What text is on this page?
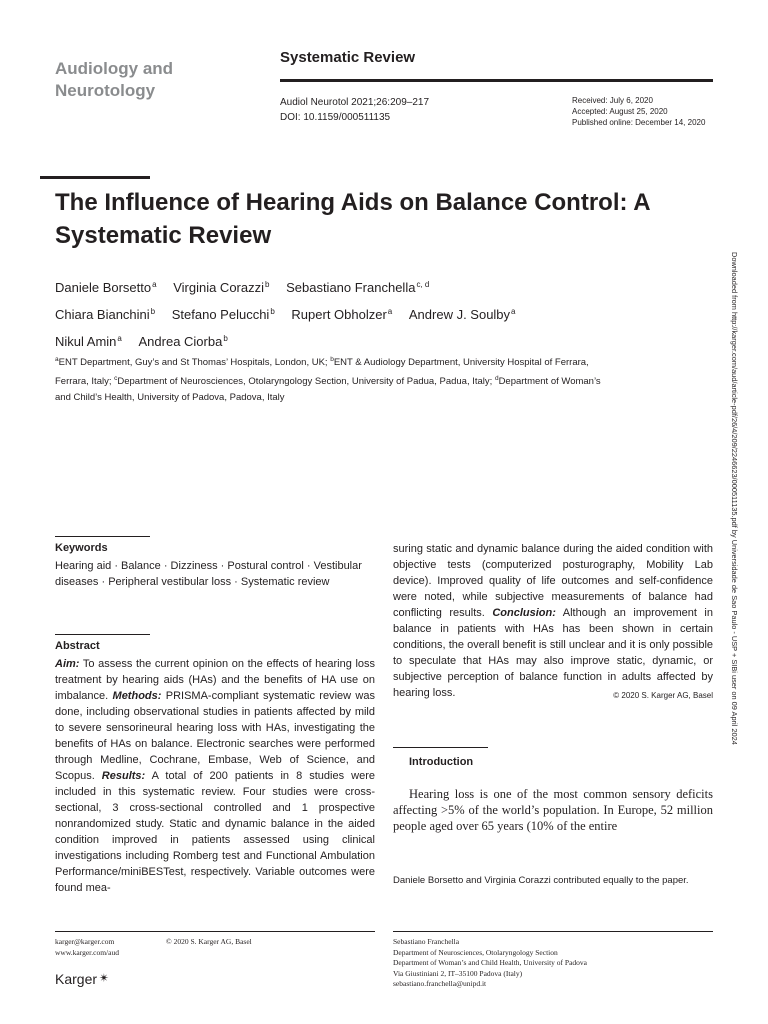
Audiology and
Neurotology
Systematic Review
Audiol Neurotol 2021;26:209–217
DOI: 10.1159/000511135
Received: July 6, 2020
Accepted: August 25, 2020
Published online: December 14, 2020
The Influence of Hearing Aids on Balance Control: A Systematic Review
Daniele Borsetto$^a$ Virginia Corazzi$^b$ Sebastiano Franchella$^{c, d}$
Chiara Bianchini$^b$ Stefano Pelucchi$^b$ Rupert Obholzer$^a$ Andrew J. Soulby$^a$
Nikul Amin$^a$ Andrea Ciorba$^b$
$^a$ENT Department, Guy’s and St Thomas’ Hospitals, London, UK; $^b$ENT & Audiology Department, University Hospital of Ferrara, Ferrara, Italy; $^c$Department of Neurosciences, Otolaryngology Section, University of Padua, Padua, Italy; $^d$Department of Woman’s and Child’s Health, University of Padova, Padova, Italy	Downloaded from http://karger.com/aud/article-pdf/26/4/209/2246623/000511135.pdf by Universidade de Sao Paulo - USP + SIBi user on 09 April 2024
Keywords
Hearing aid · Balance · Dizziness · Postural control · Vestibular diseases · Peripheral vestibular loss · Systematic review
Abstract
Aim: To assess the current opinion on the effects of hearing loss treatment by hearing aids (HAs) and the benefits of HA use on imbalance. Methods: PRISMA-compliant systematic review was done, including observational studies in patients affected by mild to severe sensorineural hearing loss with HAs, investigating the benefits of HAs on balance. Electronic searches were performed through Medline, Cochrane, Embase, Web of Science, and Scopus. Results: A total of 200 patients in 8 studies were included in this systematic review. Four studies were cross-sectional, 3 cross-sectional controlled and 1 prospective nonrandomized study. Static and dynamic balance in the aided condition improved in patients assessed using clinical investigations including Romberg test and Functional Ambulation Performance/miniBESTest, respectively. Variable outcomes were found mea-
suring static and dynamic balance during the aided condition with objective tests (computerized posturography, Mobility Lab device). Improved quality of life outcomes and self-confidence were noted, while subjective measurements of balance had conflicting results. Conclusion: Although an improvement in balance in patients with HAs has been shown in certain conditions, the overall benefit is still unclear and it is only possible to speculate that HAs may also improve static, dynamic, or subjective perception of balance function in adults affected by hearing loss.	© 2020 S. Karger AG, Basel
Introduction
Hearing loss is one of the most common sensory deficits affecting >5% of the world’s population. In Europe, 52 million people aged over 65 years (10% of the entire
Daniele Borsetto and Virginia Corazzi contributed equally to the paper.
karger@karger.com
www.karger.com/aud
© 2020 S. Karger AG, Basel
Karger ✴
Sebastiano Franchella
Department of Neurosciences, Otolaryngology Section
Department of Woman’s and Child Health, University of Padova
Via Giustiniani 2, IT–35100 Padova (Italy)
sebastiano.franchella@unipd.it
